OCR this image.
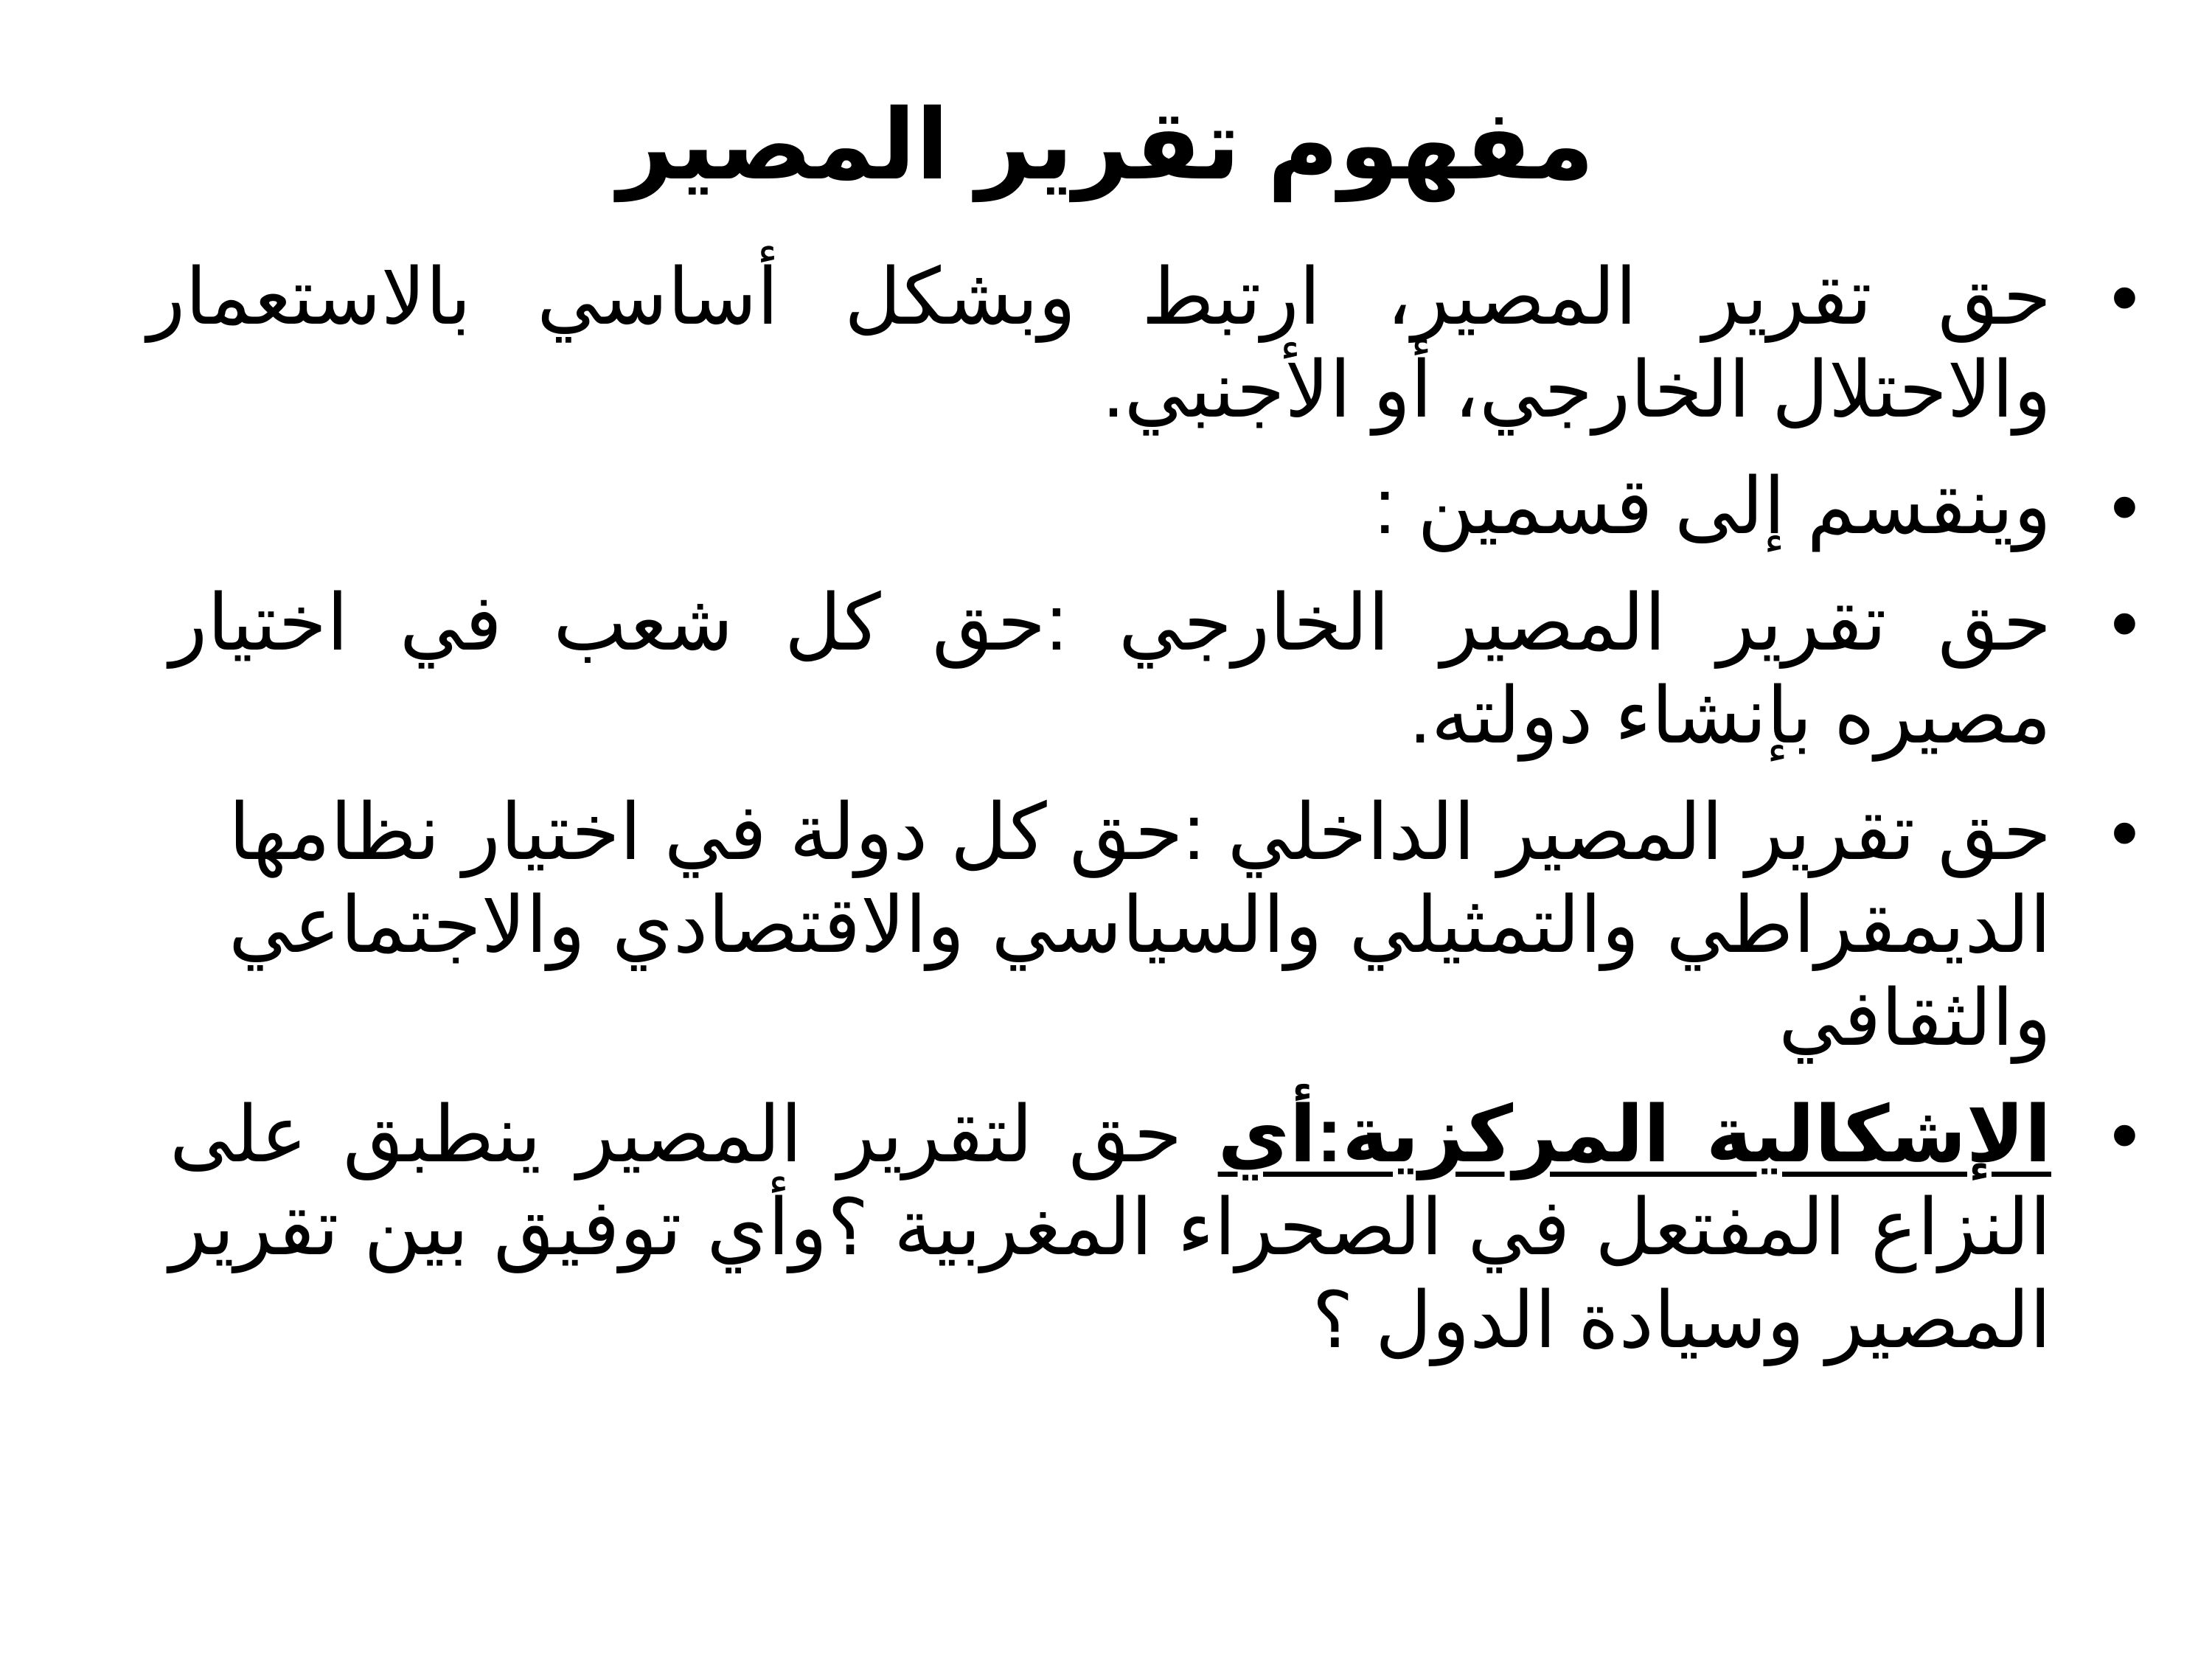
مفهوم تقرير المصير
•
حق تقرير المصير، ارتبط وبشكل أساسي بالاستعمار والاحتلال الخارجي، أو الأجنبي.
•
وينقسم إلى قسمين :
•
حق تقرير المصير الخارجي :حق كل شعب في اختيار مصيره بإنشاء دولته.
•
حق تقرير المصير الداخلي :حق كل دولة في اختيار نظامها الديمقراطي والتمثيلي والسياسي والاقتصادي والاجتماعي والثقافي
•
الإشكالية المركزية:أي حق لتقرير المصير ينطبق على النزاع المفتعل في الصحراء المغربية ؟وأي توفيق بين تقرير المصير وسيادة الدول ؟
